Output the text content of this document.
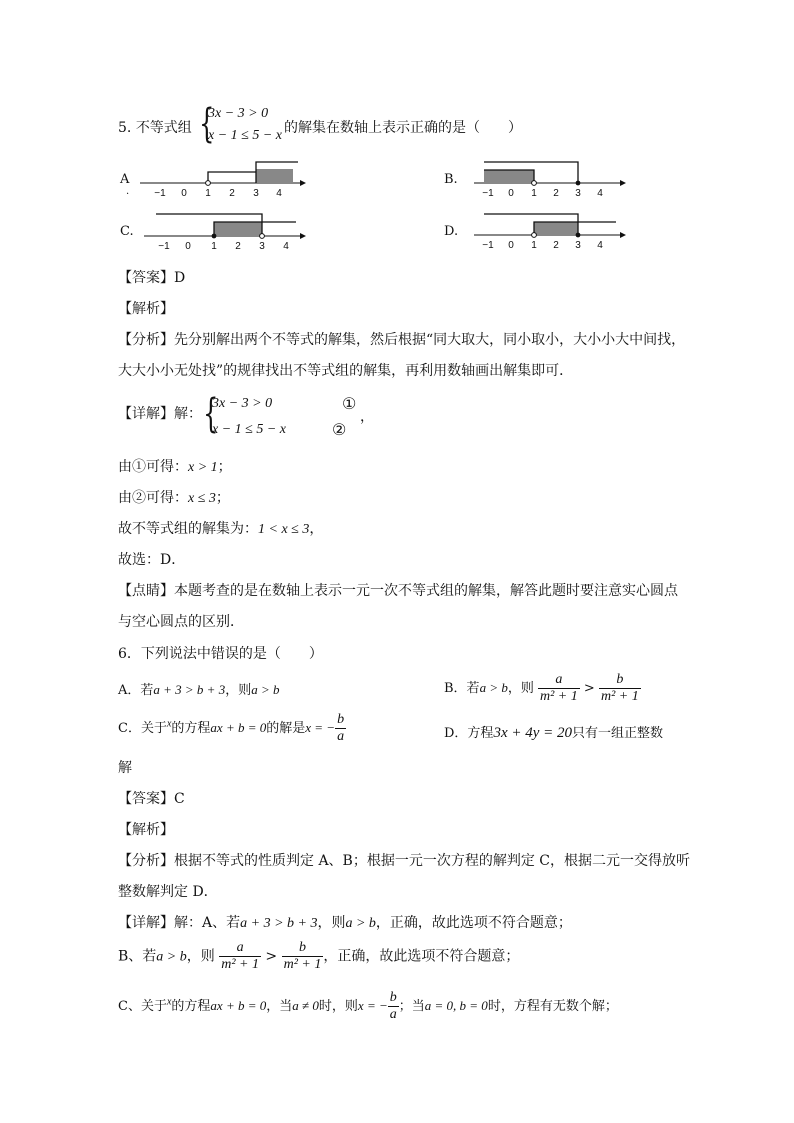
5. 不等式组 {
3x − 3 > 0
x − 1 ≤ 5 − x 的解集在数轴上表示正确的是（　　）
A
.	−1 0 1 2 3 4
B.
−1 0 1 2 3 4
C.
−1 0 1 2 3 4
D.
−1 0 1 2 3 4
【答案】D
【解析】
【分析】先分别解出两个不等式的解集，然后根据“同大取大，同小取小，大小小大中间找，
大大小小无处找”的规律找出不等式组的解集，再利用数轴画出解集即可．
【详解】解： {
3x − 3 > 0
x − 1 ≤ 5 − x
①
②
，
由①可得：x > 1；
由②可得：x ≤ 3；
故不等式组的解集为：1 < x ≤ 3，
故选：D．
【点睛】本题考查的是在数轴上表示一元一次不等式组的解集，解答此题时要注意实心圆点
与空心圆点的区别．
6．下列说法中错误的是（　　）
A．若a + 3 > b + 3，则a > b	B．若a > b，则 $\frac{a}{\text{m² + 1}} > \frac{b}{\text{m² + 1}}$
C．关于$^x$的方程ax + b = 0的解是x = − $\frac{b}{a}$	D．方程3x + 4y = 20只有一组正整数
解
【答案】C
【解析】
【分析】根据不等式的性质判定 A、B；根据一元一次方程的解判定 C，根据二元一交得放听
整数解判定 D．
【详解】解：A、若a + 3 > b + 3，则a > b，正确，故此选项不符合题意；
B、若a > b，则 $\frac{a}{\text{m² + 1}} > \frac{b}{\text{m² + 1}}$ ，正确，故此选项不符合题意；
C、关于$^x$的方程ax + b = 0，当a ≠ 0时，则x = − $\frac{b}{a}$ ；当a = 0, b = 0时，方程有无数个解；
